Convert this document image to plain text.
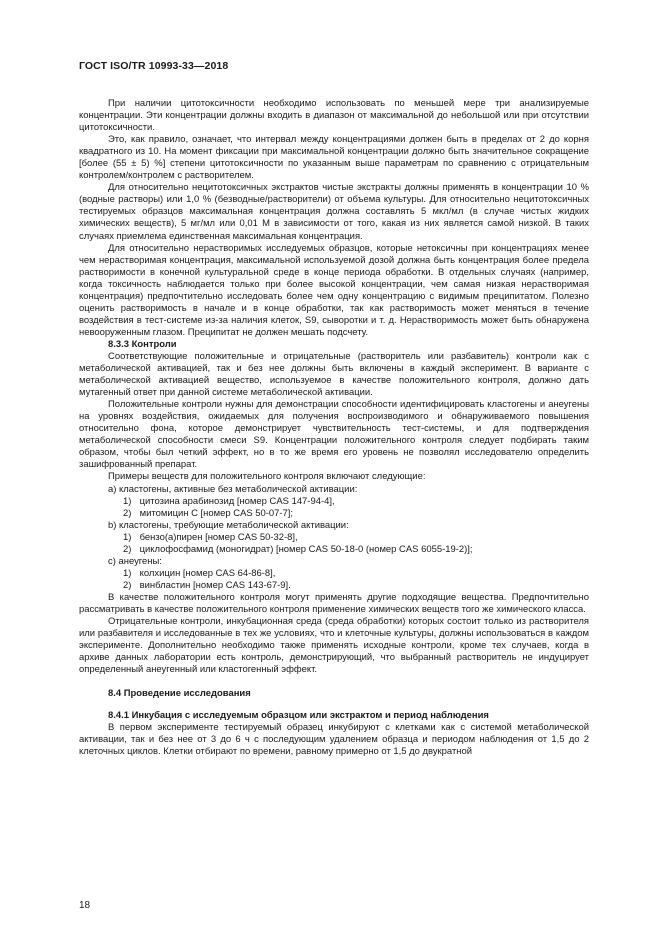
ГОСТ ISO/TR 10993-33—2018

При наличии цитотоксичности необходимо использовать по меньшей мере три анализируемые концентрации. Эти концентрации должны входить в диапазон от максимальной до небольшой или при отсутствии цитотоксичности.

Это, как правило, означает, что интервал между концентрациями должен быть в пределах от 2 до корня квадратного из 10. На момент фиксации при максимальной концентрации должно быть значительное сокращение [более (55 ± 5) %] степени цитотоксичности по указанным выше параметрам по сравнению с отрицательным контролем/контролем с растворителем.

Для относительно нецитотоксичных экстрактов чистые экстракты должны применять в концентрации 10 % (водные растворы) или 1,0 % (безводные/растворители) от объема культуры. Для относительно нецитотоксичных тестируемых образцов максимальная концентрация должна составлять 5 мкл/мл (в случае чистых жидких химических веществ), 5 мг/мл или 0,01 М в зависимости от того, какая из них является самой низкой. В таких случаях приемлема единственная максимальная концентрация.

Для относительно нерастворимых исследуемых образцов, которые нетоксичны при концентрациях менее чем нерастворимая концентрация, максимальной используемой дозой должна быть концентрация более предела растворимости в конечной культуральной среде в конце периода обработки. В отдельных случаях (например, когда токсичность наблюдается только при более высокой концентрации, чем самая низкая нерастворимая концентрация) предпочтительно исследовать более чем одну концентрацию с видимым преципитатом. Полезно оценить растворимость в начале и в конце обработки, так как растворимость может меняться в течение воздействия в тест-системе из-за наличия клеток, S9, сыворотки и т. д. Нерастворимость может быть обнаружена невооруженным глазом. Преципитат не должен мешать подсчету.

8.3.3 Контроли

Соответствующие положительные и отрицательные (растворитель или разбавитель) контроли как с метаболической активацией, так и без нее должны быть включены в каждый эксперимент. В варианте с метаболической активацией вещество, используемое в качестве положительного контроля, должно дать мутагенный ответ при данной системе метаболической активации.

Положительные контроли нужны для демонстрации способности идентифицировать кластогены и анеугены на уровнях воздействия, ожидаемых для получения воспроизводимого и обнаруживаемого повышения относительно фона, которое демонстрирует чувствительность тест-системы, и для подтверждения метаболической способности смеси S9. Концентрации положительного контроля следует подбирать таким образом, чтобы был четкий эффект, но в то же время его уровень не позволял исследователю определить зашифрованный препарат.

Примеры веществ для положительного контроля включают следующие:

a) кластогены, активные без метаболической активации:

1) цитозина арабинозид [номер CAS 147-94-4],

2) митомицин C [номер CAS 50-07-7];

b) кластогены, требующие метаболической активации:

1) бензо(а)пирен [номер CAS 50-32-8],

2) циклофосфамид (моногидрат) [номер CAS 50-18-0 (номер CAS 6055-19-2)];

c) анеугены:

1) колхицин [номер CAS 64-86-8],

2) винбластин [номер CAS 143-67-9].

В качестве положительного контроля могут применять другие подходящие вещества. Предпочтительно рассматривать в качестве положительного контроля применение химических веществ того же химического класса.

Отрицательные контроли, инкубационная среда (среда обработки) которых состоит только из растворителя или разбавителя и исследованные в тех же условиях, что и клеточные культуры, должны использоваться в каждом эксперименте. Дополнительно необходимо также применять исходные контроли, кроме тех случаев, когда в архиве данных лаборатории есть контроль, демонстрирующий, что выбранный растворитель не индуцирует определенный анеугенный или кластогенный эффект.

8.4 Проведение исследования

8.4.1 Инкубация с исследуемым образцом или экстрактом и период наблюдения

В первом эксперименте тестируемый образец инкубируют с клетками как с системой метаболической активации, так и без нее от 3 до 6 ч с последующим удалением образца и периодом наблюдения от 1,5 до 2 клеточных циклов. Клетки отбирают по времени, равному примерно от 1,5 до двукратной

18
